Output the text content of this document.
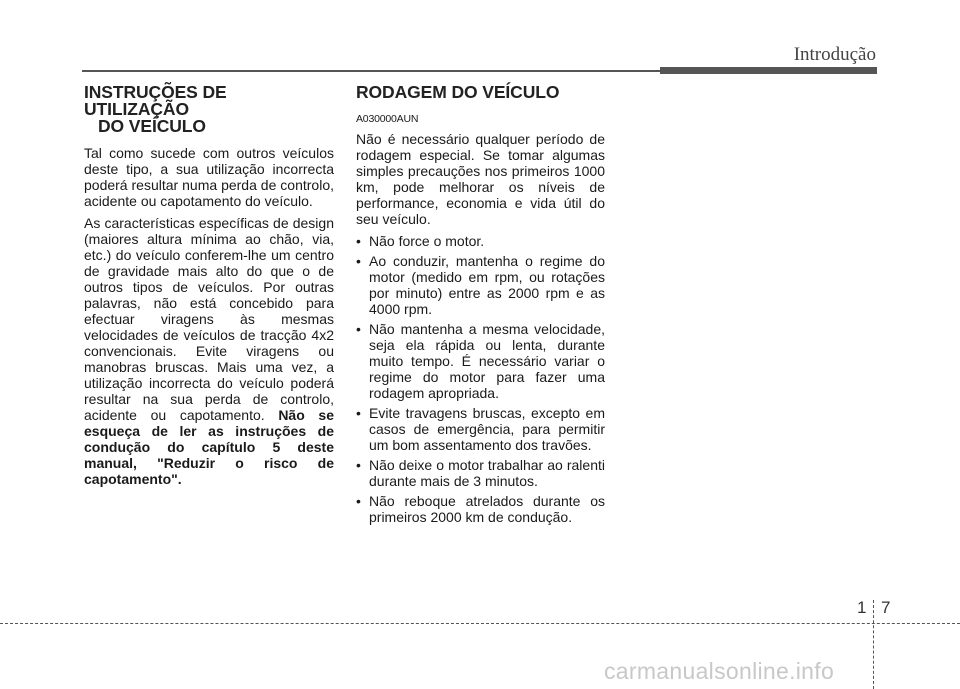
Introdução
INSTRUÇÕES DE UTILIZAÇÃO
DO VEÍCULO

Tal como sucede com outros veículos deste tipo, a sua utilização incorrecta poderá resultar numa perda de controlo, acidente ou capotamento do veículo.

As características específicas de design (maiores altura mínima ao chão, via, etc.) do veículo conferem-lhe um centro de gravidade mais alto do que o de outros tipos de veículos. Por outras palavras, não está concebido para efectuar viragens às mesmas velocidades de veículos de tracção 4x2 convencionais. Evite viragens ou manobras bruscas. Mais uma vez, a utilização incorrecta do veículo poderá resultar na sua perda de controlo, acidente ou capotamento. Não se esqueça de ler as instruções de condução do capítulo 5 deste manual, "Reduzir o risco de capotamento".

RODAGEM DO VEÍCULO
A030000AUN

Não é necessário qualquer período de rodagem especial. Se tomar algumas simples precauções nos primeiros 1000 km, pode melhorar os níveis de performance, economia e vida útil do seu veículo.

• Não force o motor.
• Ao conduzir, mantenha o regime do motor (medido em rpm, ou rotações por minuto) entre as 2000 rpm e as 4000 rpm.
• Não mantenha a mesma velocidade, seja ela rápida ou lenta, durante muito tempo. É necessário variar o regime do motor para fazer uma rodagem apropriada.
• Evite travagens bruscas, excepto em casos de emergência, para permitir um bom assentamento dos travões.
• Não deixe o motor trabalhar ao ralenti durante mais de 3 minutos.
• Não reboque atrelados durante os primeiros 2000 km de condução.
1 7
carmanualsonline.info
